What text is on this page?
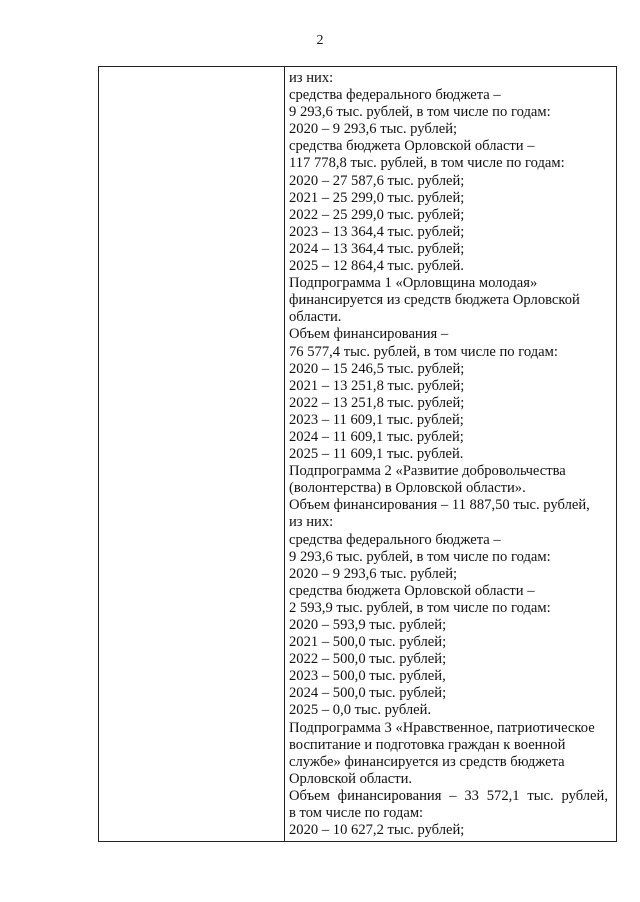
2
из них:
средства федерального бюджета –
9 293,6 тыс. рублей, в том числе по годам:
2020 – 9 293,6 тыс. рублей;
средства бюджета Орловской области –
117 778,8 тыс. рублей, в том числе по годам:
2020 – 27 587,6 тыс. рублей;
2021 – 25 299,0 тыс. рублей;
2022 – 25 299,0 тыс. рублей;
2023 – 13 364,4 тыс. рублей;
2024 – 13 364,4 тыс. рублей;
2025 – 12 864,4 тыс. рублей.
Подпрограмма 1 «Орловщина молодая»
финансируется из средств бюджета Орловской
области.
Объем финансирования –
76 577,4 тыс. рублей, в том числе по годам:
2020 – 15 246,5 тыс. рублей;
2021 – 13 251,8 тыс. рублей;
2022 – 13 251,8 тыс. рублей;
2023 – 11 609,1 тыс. рублей;
2024 – 11 609,1 тыс. рублей;
2025 – 11 609,1 тыс. рублей.
Подпрограмма 2 «Развитие добровольчества
(волонтерства) в Орловской области».
Объем финансирования – 11 887,50 тыс. рублей,
из них:
средства федерального бюджета –
9 293,6 тыс. рублей, в том числе по годам:
2020 – 9 293,6 тыс. рублей;
средства бюджета Орловской области –
2 593,9 тыс. рублей, в том числе по годам:
2020 – 593,9 тыс. рублей;
2021 – 500,0 тыс. рублей;
2022 – 500,0 тыс. рублей;
2023 – 500,0 тыс. рублей,
2024 – 500,0 тыс. рублей;
2025 – 0,0 тыс. рублей.
Подпрограмма 3 «Нравственное, патриотическое
воспитание и подготовка граждан к военной
службе» финансируется из средств бюджета
Орловской области.
Объем финансирования – 33 572,1 тыс. рублей,
в том числе по годам:
2020 – 10 627,2 тыс. рублей;
